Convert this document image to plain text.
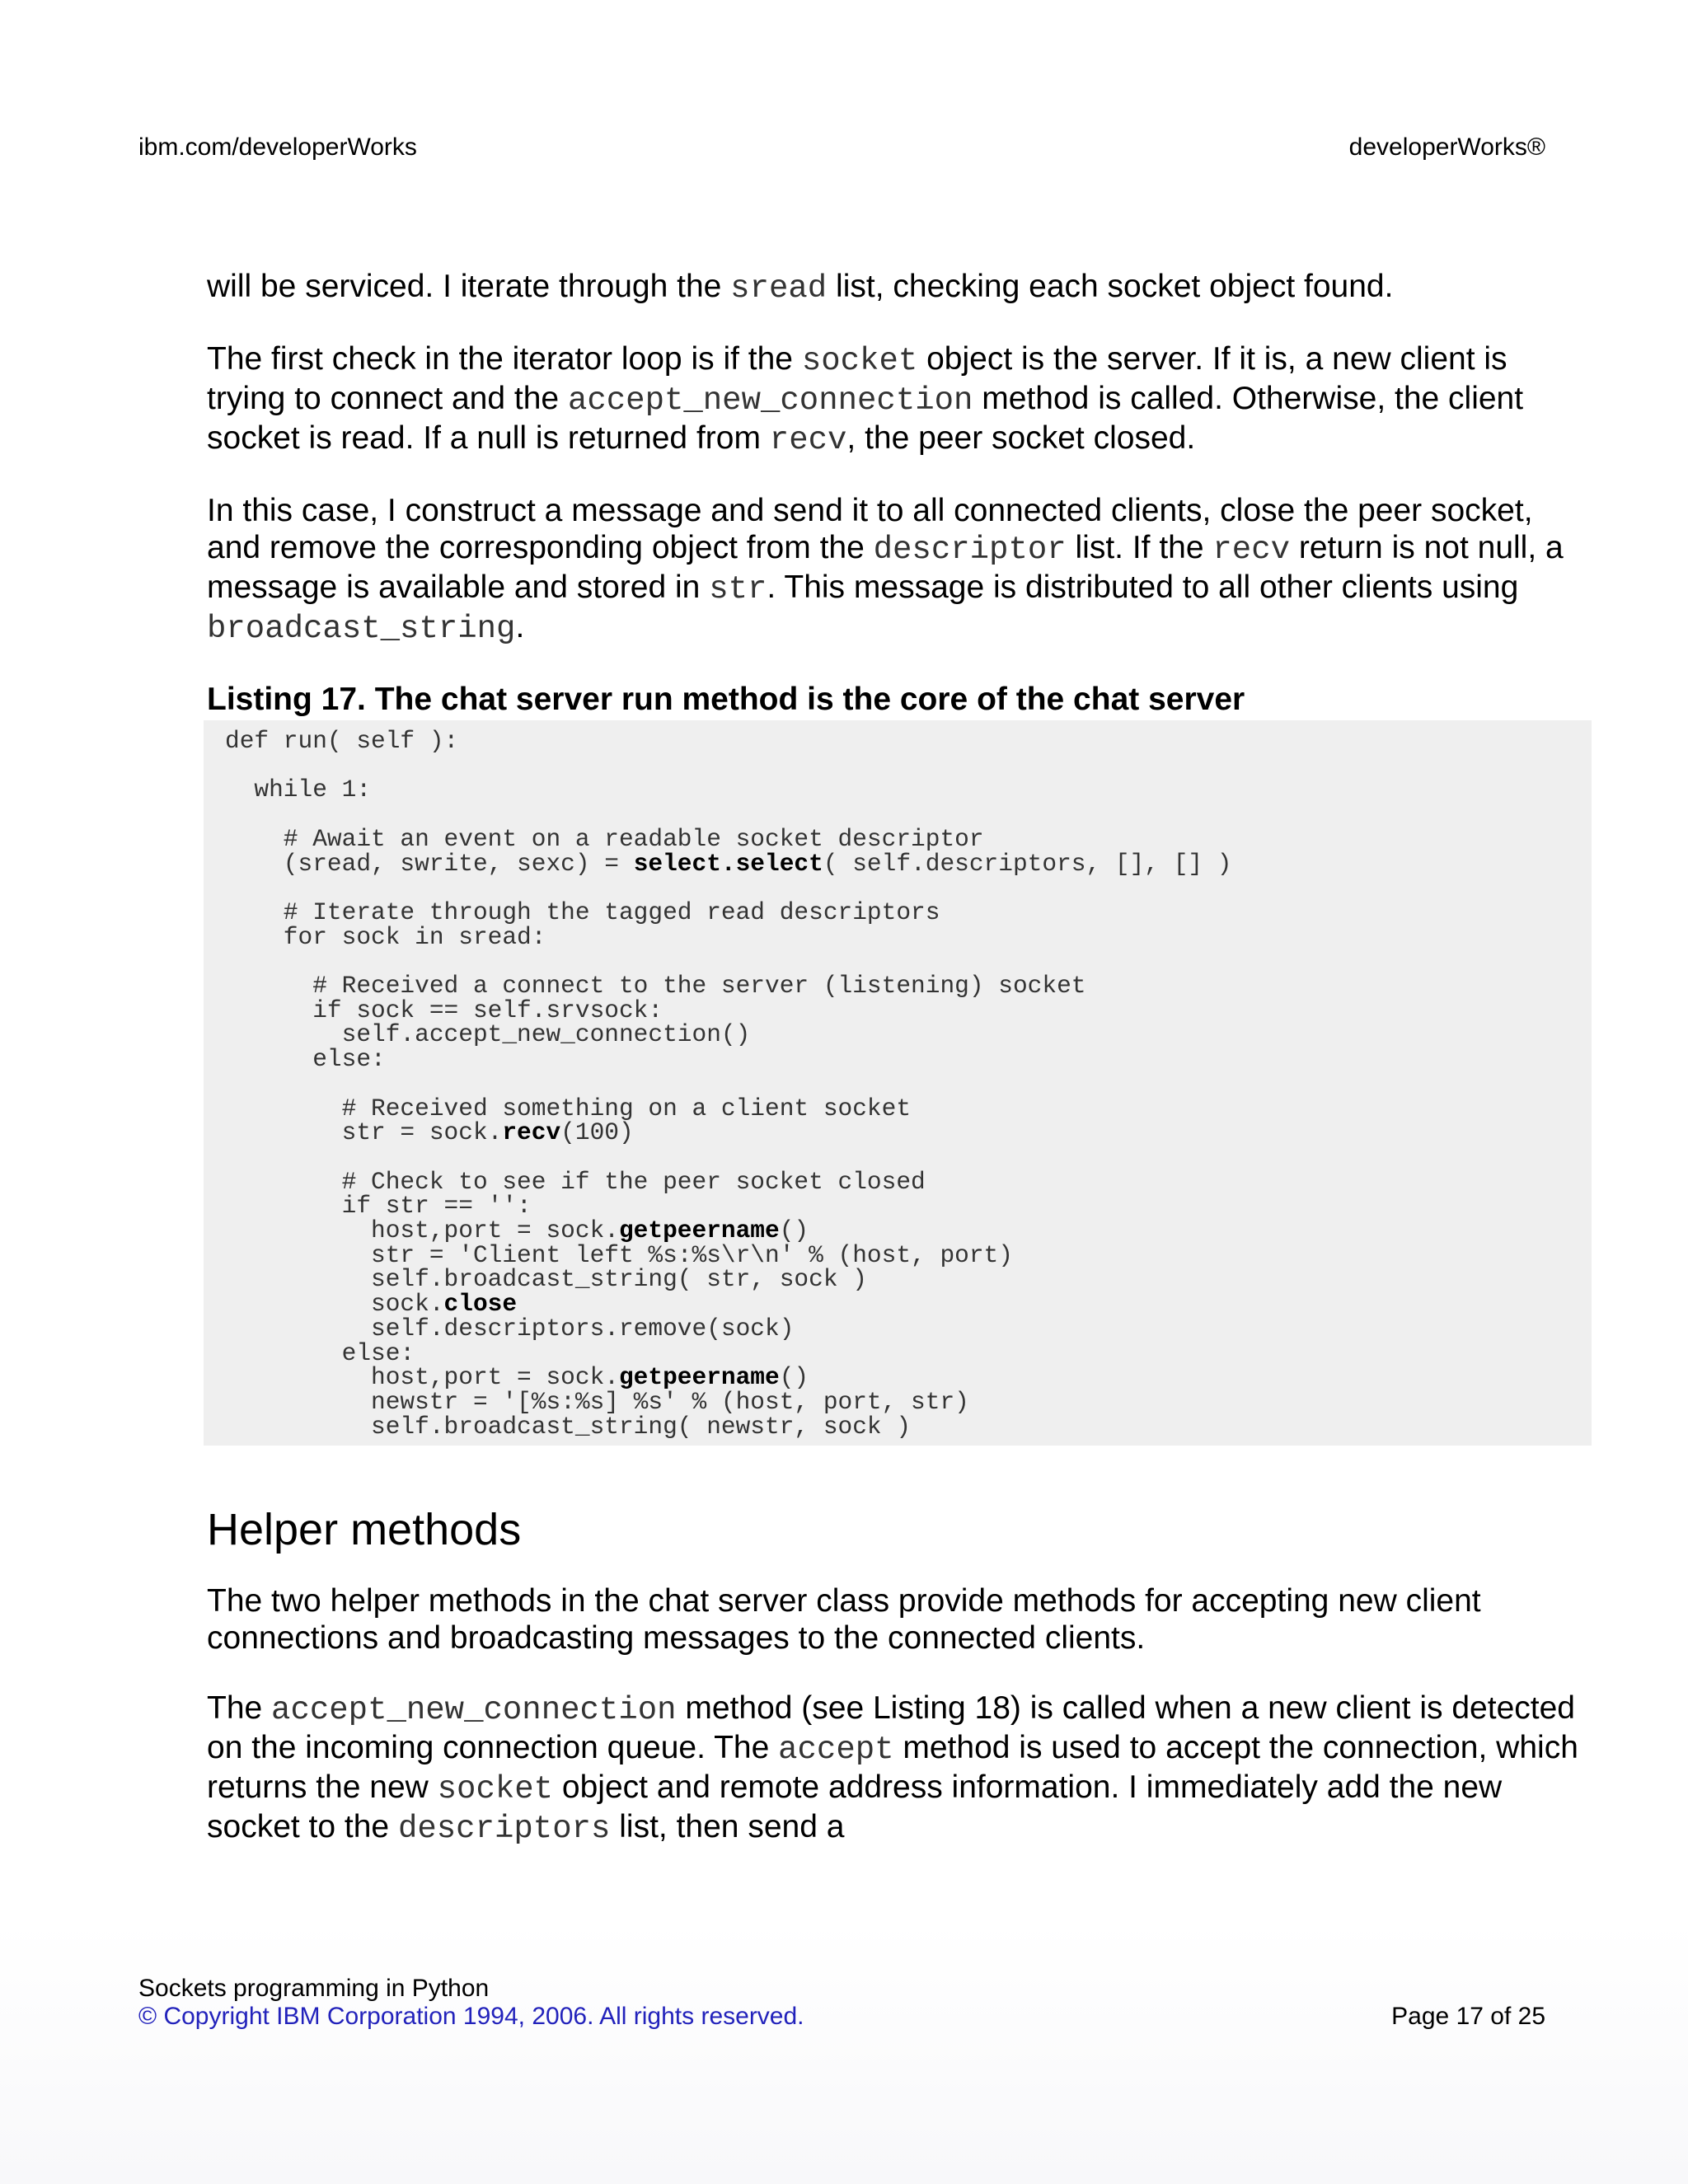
ibm.com/developerWorks	developerWorks®

will be serviced. I iterate through the sread list, checking each socket object found.

The first check in the iterator loop is if the socket object is the server. If it is, a new client is trying to connect and the accept_new_connection method is called. Otherwise, the client socket is read. If a null is returned from recv, the peer socket closed.

In this case, I construct a message and send it to all connected clients, close the peer socket, and remove the corresponding object from the descriptor list. If the recv return is not null, a message is available and stored in str. This message is distributed to all other clients using broadcast_string.

Listing 17. The chat server run method is the core of the chat server
def run( self ):
while 1:
# Await an event on a readable socket descriptor
(sread, swrite, sexc) = select.select( self.descriptors, [], [] )
# Iterate through the tagged read descriptors
for sock in sread:
# Received a connect to the server (listening) socket
if sock == self.srvsock:
self.accept_new_connection()
else:
# Received something on a client socket
str = sock.recv(100)
# Check to see if the peer socket closed
if str == '':
host,port = sock.getpeername()
str = 'Client left %s:%s\r\n' % (host, port)
self.broadcast_string( str, sock )
sock.close
self.descriptors.remove(sock)
else:
host,port = sock.getpeername()
newstr = '[%s:%s] %s' % (host, port, str)
self.broadcast_string( newstr, sock )
Helper methods

The two helper methods in the chat server class provide methods for accepting new client connections and broadcasting messages to the connected clients.

The accept_new_connection method (see Listing 18) is called when a new client is detected on the incoming connection queue. The accept method is used to accept the connection, which returns the new socket object and remote address information. I immediately add the new socket to the descriptors list, then send a

Sockets programming in Python
© Copyright IBM Corporation 1994, 2006. All rights reserved.	Page 17 of 25
